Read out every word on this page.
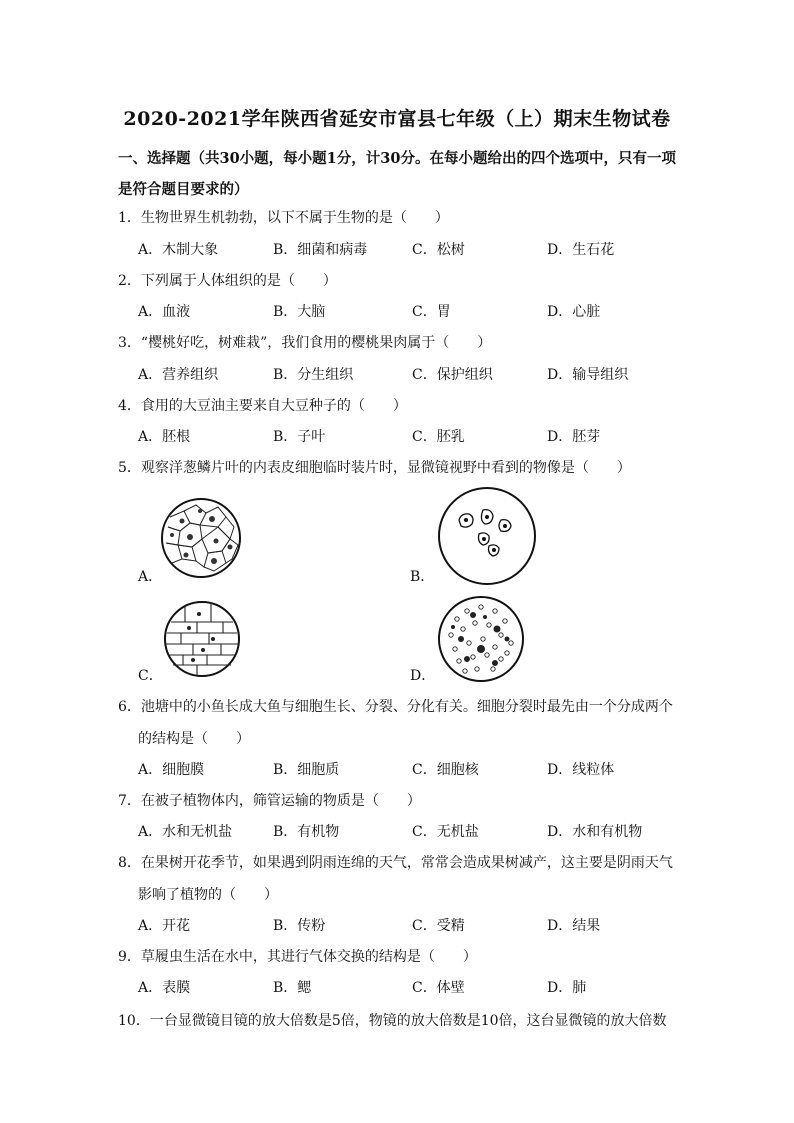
2020-2021学年陕西省延安市富县七年级（上）期末生物试卷
一、选择题（共30小题，每小题1分，计30分。在每小题给出的四个选项中，只有一项
是符合题目要求的）
1．生物世界生机勃勃，以下不属于生物的是（　　）
A．木制大象	B．细菌和病毒	C．松树	D．生石花
2．下列属于人体组织的是（　　）
A．血液	B．大脑	C．胃	D．心脏
3．“樱桃好吃，树难栽”，我们食用的樱桃果肉属于（　　）
A．营养组织	B．分生组织	C．保护组织	D．输导组织
4．食用的大豆油主要来自大豆种子的（　　）
A．胚根	B．子叶	C．胚乳	D．胚芽
5．观察洋葱鳞片叶的内表皮细胞临时装片时，显微镜视野中看到的物像是（　　）
A．	B．
C．	D．
6．池塘中的小鱼长成大鱼与细胞生长、分裂、分化有关。细胞分裂时最先由一个分成两个
的结构是（　　）
A．细胞膜	B．细胞质	C．细胞核	D．线粒体
7．在被子植物体内，筛管运输的物质是（　　）
A．水和无机盐	B．有机物	C．无机盐	D．水和有机物
8．在果树开花季节，如果遇到阴雨连绵的天气，常常会造成果树减产，这主要是阴雨天气
影响了植物的（　　）
A．开花	B．传粉	C．受精	D．结果
9．草履虫生活在水中，其进行气体交换的结构是（　　）
A．表膜	B．鳃	C．体壁	D．肺
10．一台显微镜目镜的放大倍数是5倍，物镜的放大倍数是10倍，这台显微镜的放大倍数
